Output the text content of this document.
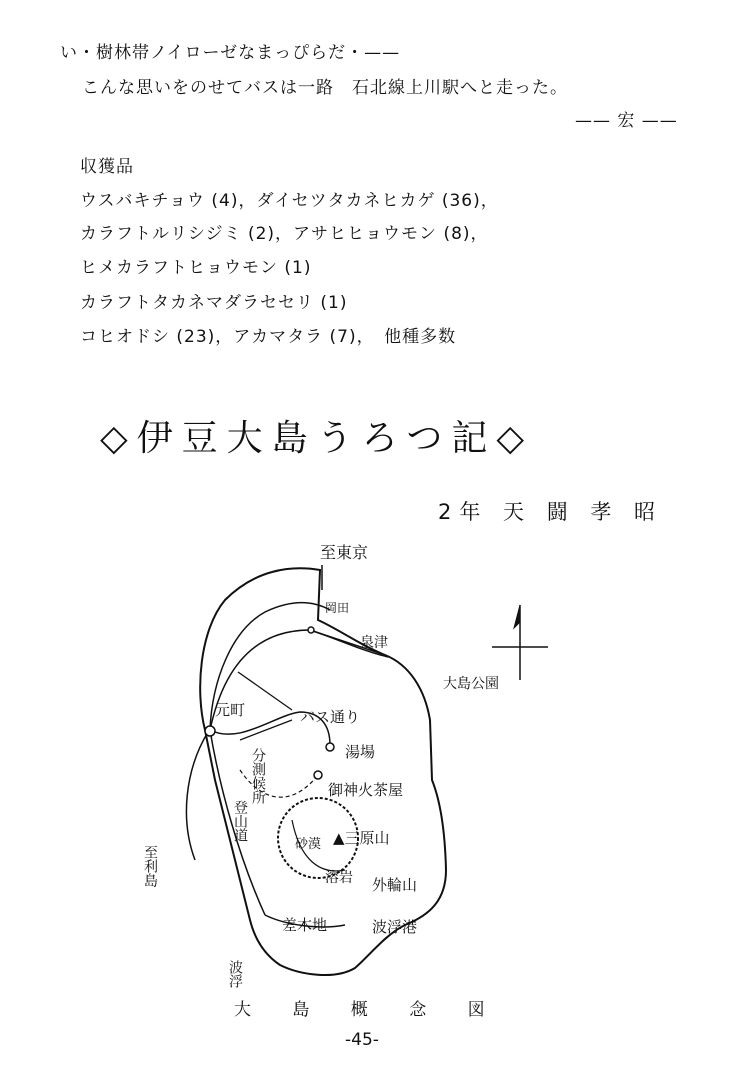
い・樹林帯ノイローゼなまっぴらだ・——
こんな思いをのせてバスは一路　石北線上川駅へと走った。
—— 宏 ——
収獲品
ウスバキチョウ (4)，ダイセツタカネヒカゲ (36)，
カラフトルリシジミ (2)，アサヒヒョウモン (8)，
ヒメカラフトヒョウモン (1)
カラフトタカネマダラセセリ (1)
コヒオドシ (23)，アカマタラ (7)，　他種多数
◇伊豆大島うろつ記◇
2年 天 闘 孝 昭
至東京
岡田
泉津
大島公園
元町	バス通り
湯場
分測候所
登山道
御神火茶屋
▲三原山
砂漠
溶岩 外輪山
至利島
差木地	波浮港
波浮
大 島 概 念 図
-45-
